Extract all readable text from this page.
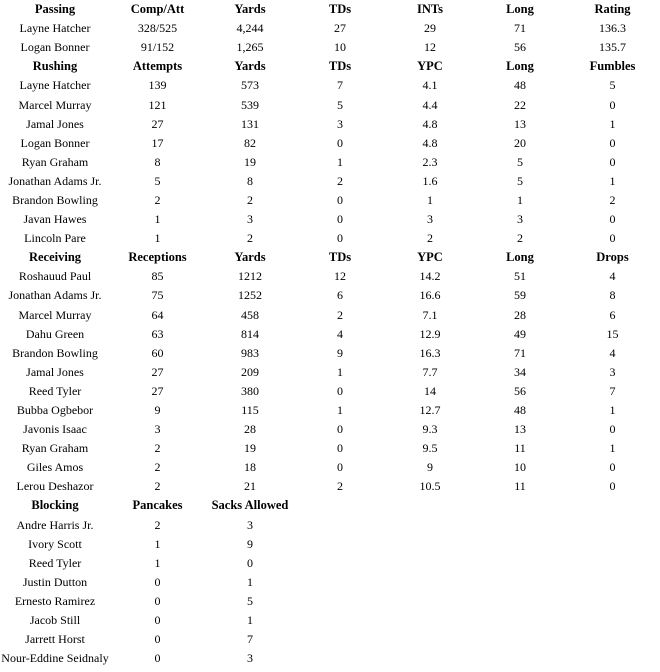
Passing	Comp/Att	Yards	TDs	INTs	Long	Rating
Layne Hatcher	328/525	4,244	27	29	71	136.3
Logan Bonner	91/152	1,265	10	12	56	135.7
Rushing	Attempts	Yards	TDs	YPC	Long	Fumbles
Layne Hatcher	139	573	7	4.1	48	5
Marcel Murray	121	539	5	4.4	22	0
Jamal Jones	27	131	3	4.8	13	1
Logan Bonner	17	82	0	4.8	20	0
Ryan Graham	8	19	1	2.3	5	0
Jonathan Adams Jr.	5	8	2	1.6	5	1
Brandon Bowling	2	2	0	1	1	2
Javan Hawes	1	3	0	3	3	0
Lincoln Pare	1	2	0	2	2	0
Receiving	Receptions	Yards	TDs	YPC	Long	Drops
Roshauud Paul	85	1212	12	14.2	51	4
Jonathan Adams Jr.	75	1252	6	16.6	59	8
Marcel Murray	64	458	2	7.1	28	6
Dahu Green	63	814	4	12.9	49	15
Brandon Bowling	60	983	9	16.3	71	4
Jamal Jones	27	209	1	7.7	34	3
Reed Tyler	27	380	0	14	56	7
Bubba Ogbebor	9	115	1	12.7	48	1
Javonis Isaac	3	28	0	9.3	13	0
Ryan Graham	2	19	0	9.5	11	1
Giles Amos	2	18	0	9	10	0
Lerou Deshazor	2	21	2	10.5	11	0
Blocking	Pancakes	Sacks Allowed				
Andre Harris Jr.	2	3				
Ivory Scott	1	9				
Reed Tyler	1	0				
Justin Dutton	0	1				
Ernesto Ramirez	0	5				
Jacob Still	0	1				
Jarrett Horst	0	7				
Nour-Eddine Seidnaly	0	3				
